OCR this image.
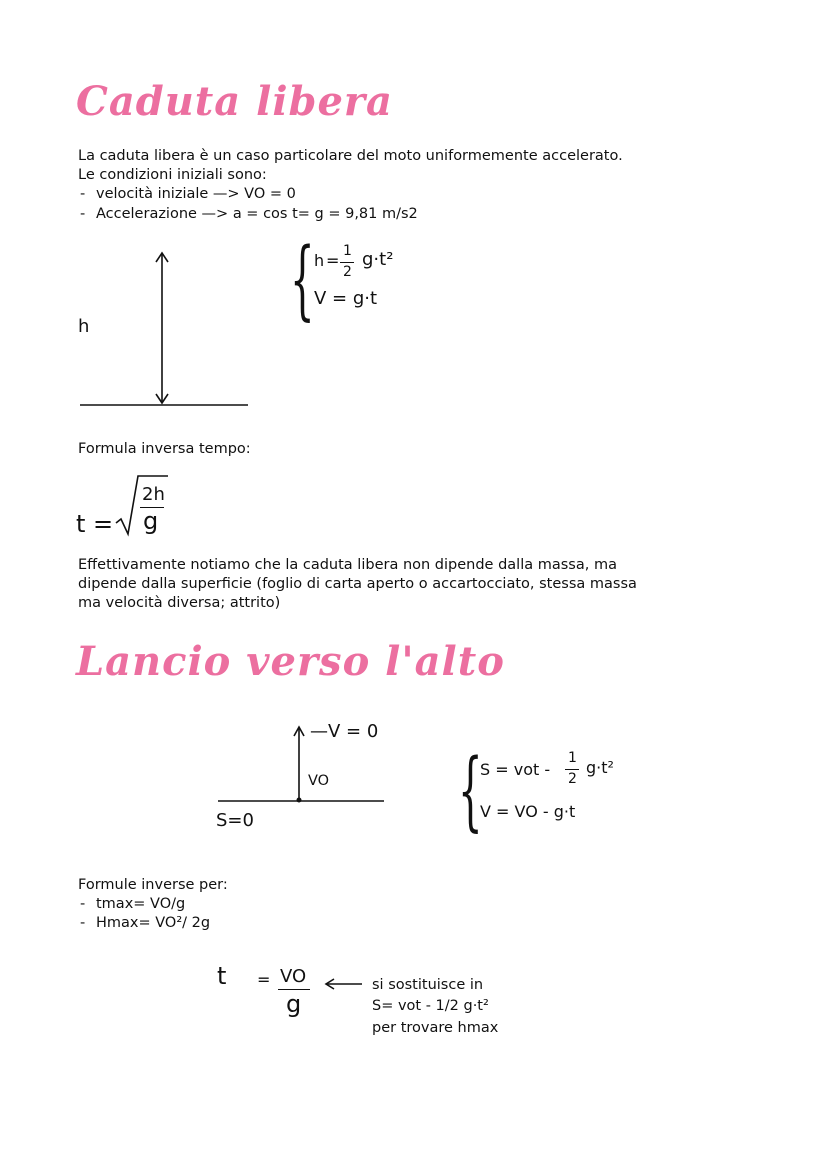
Caduta libera
La caduta libera è un caso particolare del moto uniformemente accelerato.
Le condizioni iniziali sono:
- velocità iniziale —> VO = 0
- Accelerazione —> a = cos t= g = 9,81 m/s2
h { h = 1
2
g·t²
V = g·t
Formula inversa tempo:
t =
2h
g
Effettivamente notiamo che la caduta libera non dipende dalla massa, ma
dipende dalla superficie (foglio di carta aperto o accartocciato, stessa massa
ma velocità diversa; attrito)
Lancio verso l'alto
—V = 0
VO
S=0 {
S = vot -
1
2
g·t²
V = VO - g·t
Formule inverse per:
- tmax= VO/g
- Hmax= VO²/ 2g
t = VO
g
si sostituisce in
S= vot - 1/2 g·t²
per trovare hmax
